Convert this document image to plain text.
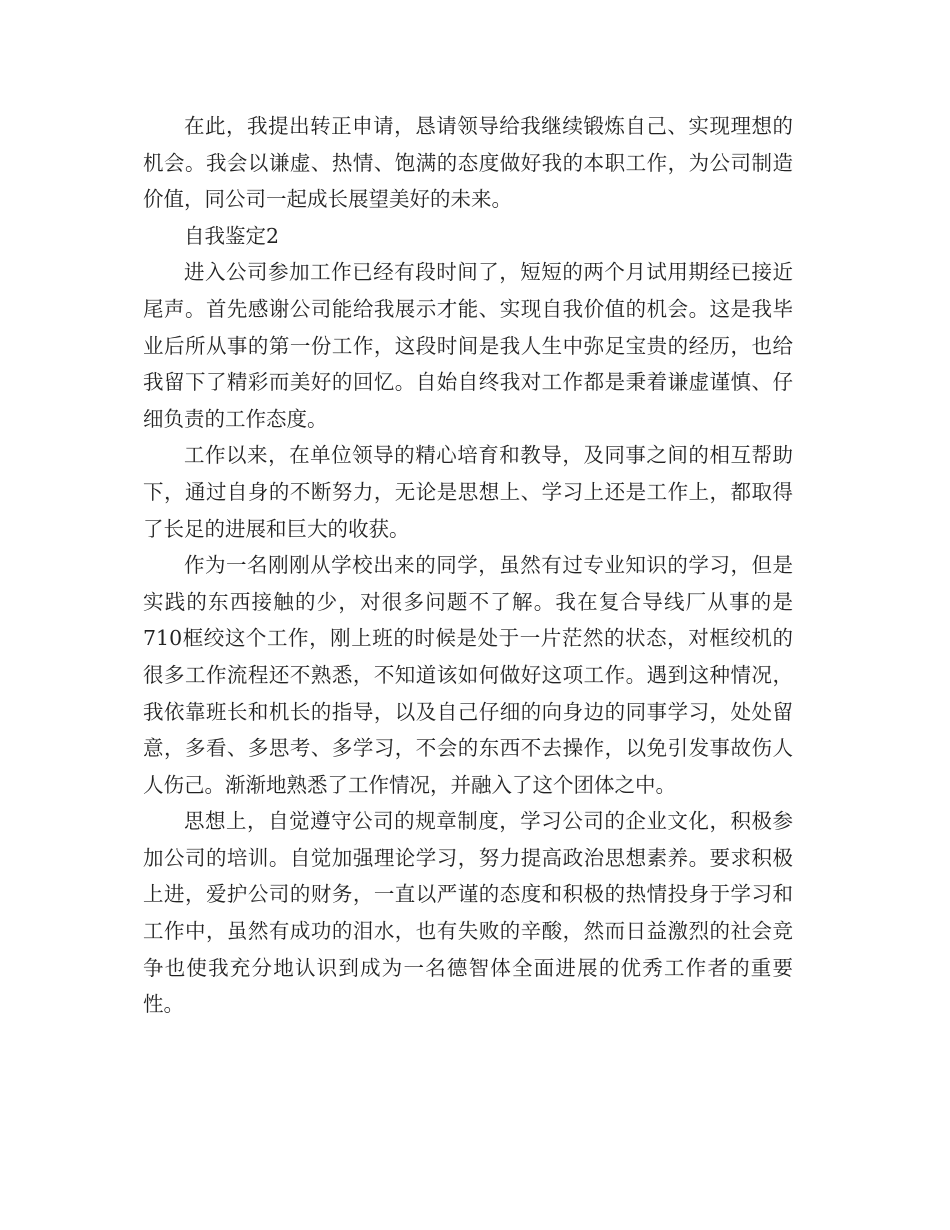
在此，我提出转正申请，恳请领导给我继续锻炼自己、实现理想的机会。我会以谦虚、热情、饱满的态度做好我的本职工作，为公司制造价值，同公司一起成长展望美好的未来。

自我鉴定2

进入公司参加工作已经有段时间了，短短的两个月试用期经已接近尾声。首先感谢公司能给我展示才能、实现自我价值的机会。这是我毕业后所从事的第一份工作，这段时间是我人生中弥足宝贵的经历，也给我留下了精彩而美好的回忆。自始自终我对工作都是秉着谦虚谨慎、仔细负责的工作态度。

工作以来，在单位领导的精心培育和教导，及同事之间的相互帮助下，通过自身的不断努力，无论是思想上、学习上还是工作上，都取得了长足的进展和巨大的收获。

作为一名刚刚从学校出来的同学，虽然有过专业知识的学习，但是实践的东西接触的少，对很多问题不了解。我在复合导线厂从事的是710框绞这个工作，刚上班的时候是处于一片茫然的状态，对框绞机的很多工作流程还不熟悉，不知道该如何做好这项工作。遇到这种情况，我依靠班长和机长的指导，以及自己仔细的向身边的同事学习，处处留意，多看、多思考、多学习，不会的东西不去操作，以免引发事故伤人人伤己。渐渐地熟悉了工作情况，并融入了这个团体之中。

思想上，自觉遵守公司的规章制度，学习公司的企业文化，积极参加公司的培训。自觉加强理论学习，努力提高政治思想素养。要求积极上进，爱护公司的财务，一直以严谨的态度和积极的热情投身于学习和工作中，虽然有成功的泪水，也有失败的辛酸，然而日益激烈的社会竞争也使我充分地认识到成为一名德智体全面进展的优秀工作者的重要性。
